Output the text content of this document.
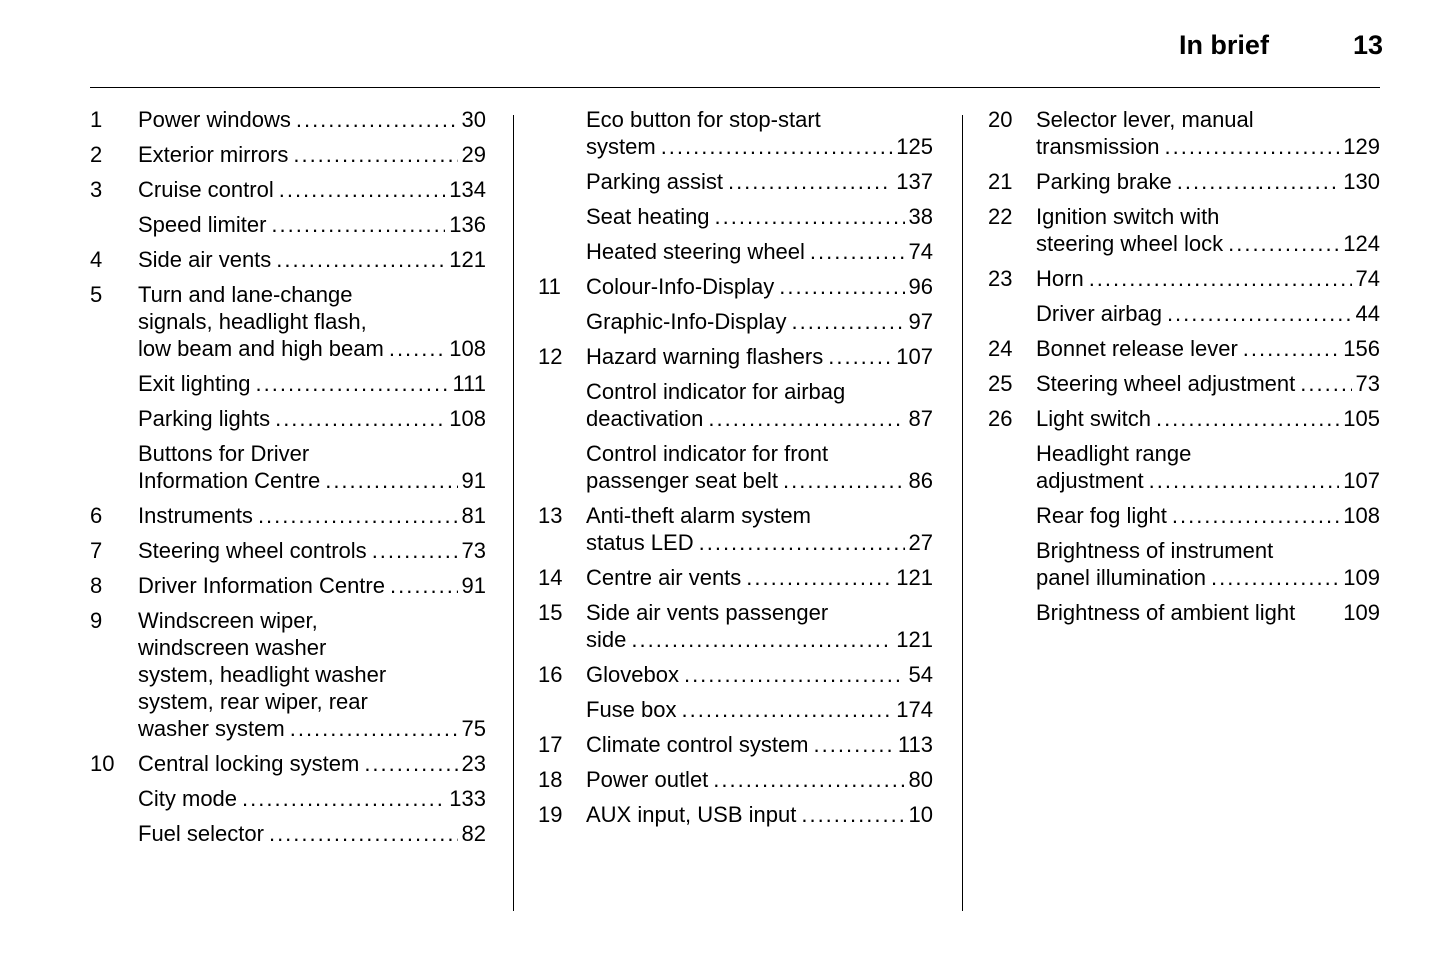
In brief	13
1	Power windows .....	30
2	Exterior mirrors .....	29
3	Cruise control .....	134
Speed limiter .....	136
4	Side air vents .....	121
5	Turn and lane-change
signals, headlight flash,
low beam and high beam .....	108
Exit lighting .....	111
Parking lights .....	108
Buttons for Driver
Information Centre .....	91
6	Instruments .....	81
7	Steering wheel controls .....	73
8	Driver Information Centre .....	91
9	Windscreen wiper,
windscreen washer
system, headlight washer
system, rear wiper, rear
washer system .....	75
10	Central locking system .....	23
City mode .....	133
Fuel selector .....	82
Eco button for stop-start
system .....	125
Parking assist .....	137
Seat heating .....	38
Heated steering wheel .....	74
11	Colour-Info-Display .....	96
Graphic-Info-Display .....	97
12	Hazard warning flashers .....	107
Control indicator for airbag
deactivation .....	87
Control indicator for front
passenger seat belt .....	86
13	Anti-theft alarm system
status LED .....	27
14	Centre air vents .....	121
15	Side air vents passenger
side .....	121
16	Glovebox .....	54
Fuse box .....	174
17	Climate control system .....	113
18	Power outlet .....	80
19	AUX input, USB input .....	10
20	Selector lever, manual
transmission .....	129
21	Parking brake .....	130
22	Ignition switch with
steering wheel lock .....	124
23	Horn .....	74
Driver airbag .....	44
24	Bonnet release lever .....	156
25	Steering wheel adjustment .....	73
26	Light switch .....	105
Headlight range
adjustment .....	107
Rear fog light .....	108
Brightness of instrument
panel illumination .....	109
Brightness of ambient light 109
